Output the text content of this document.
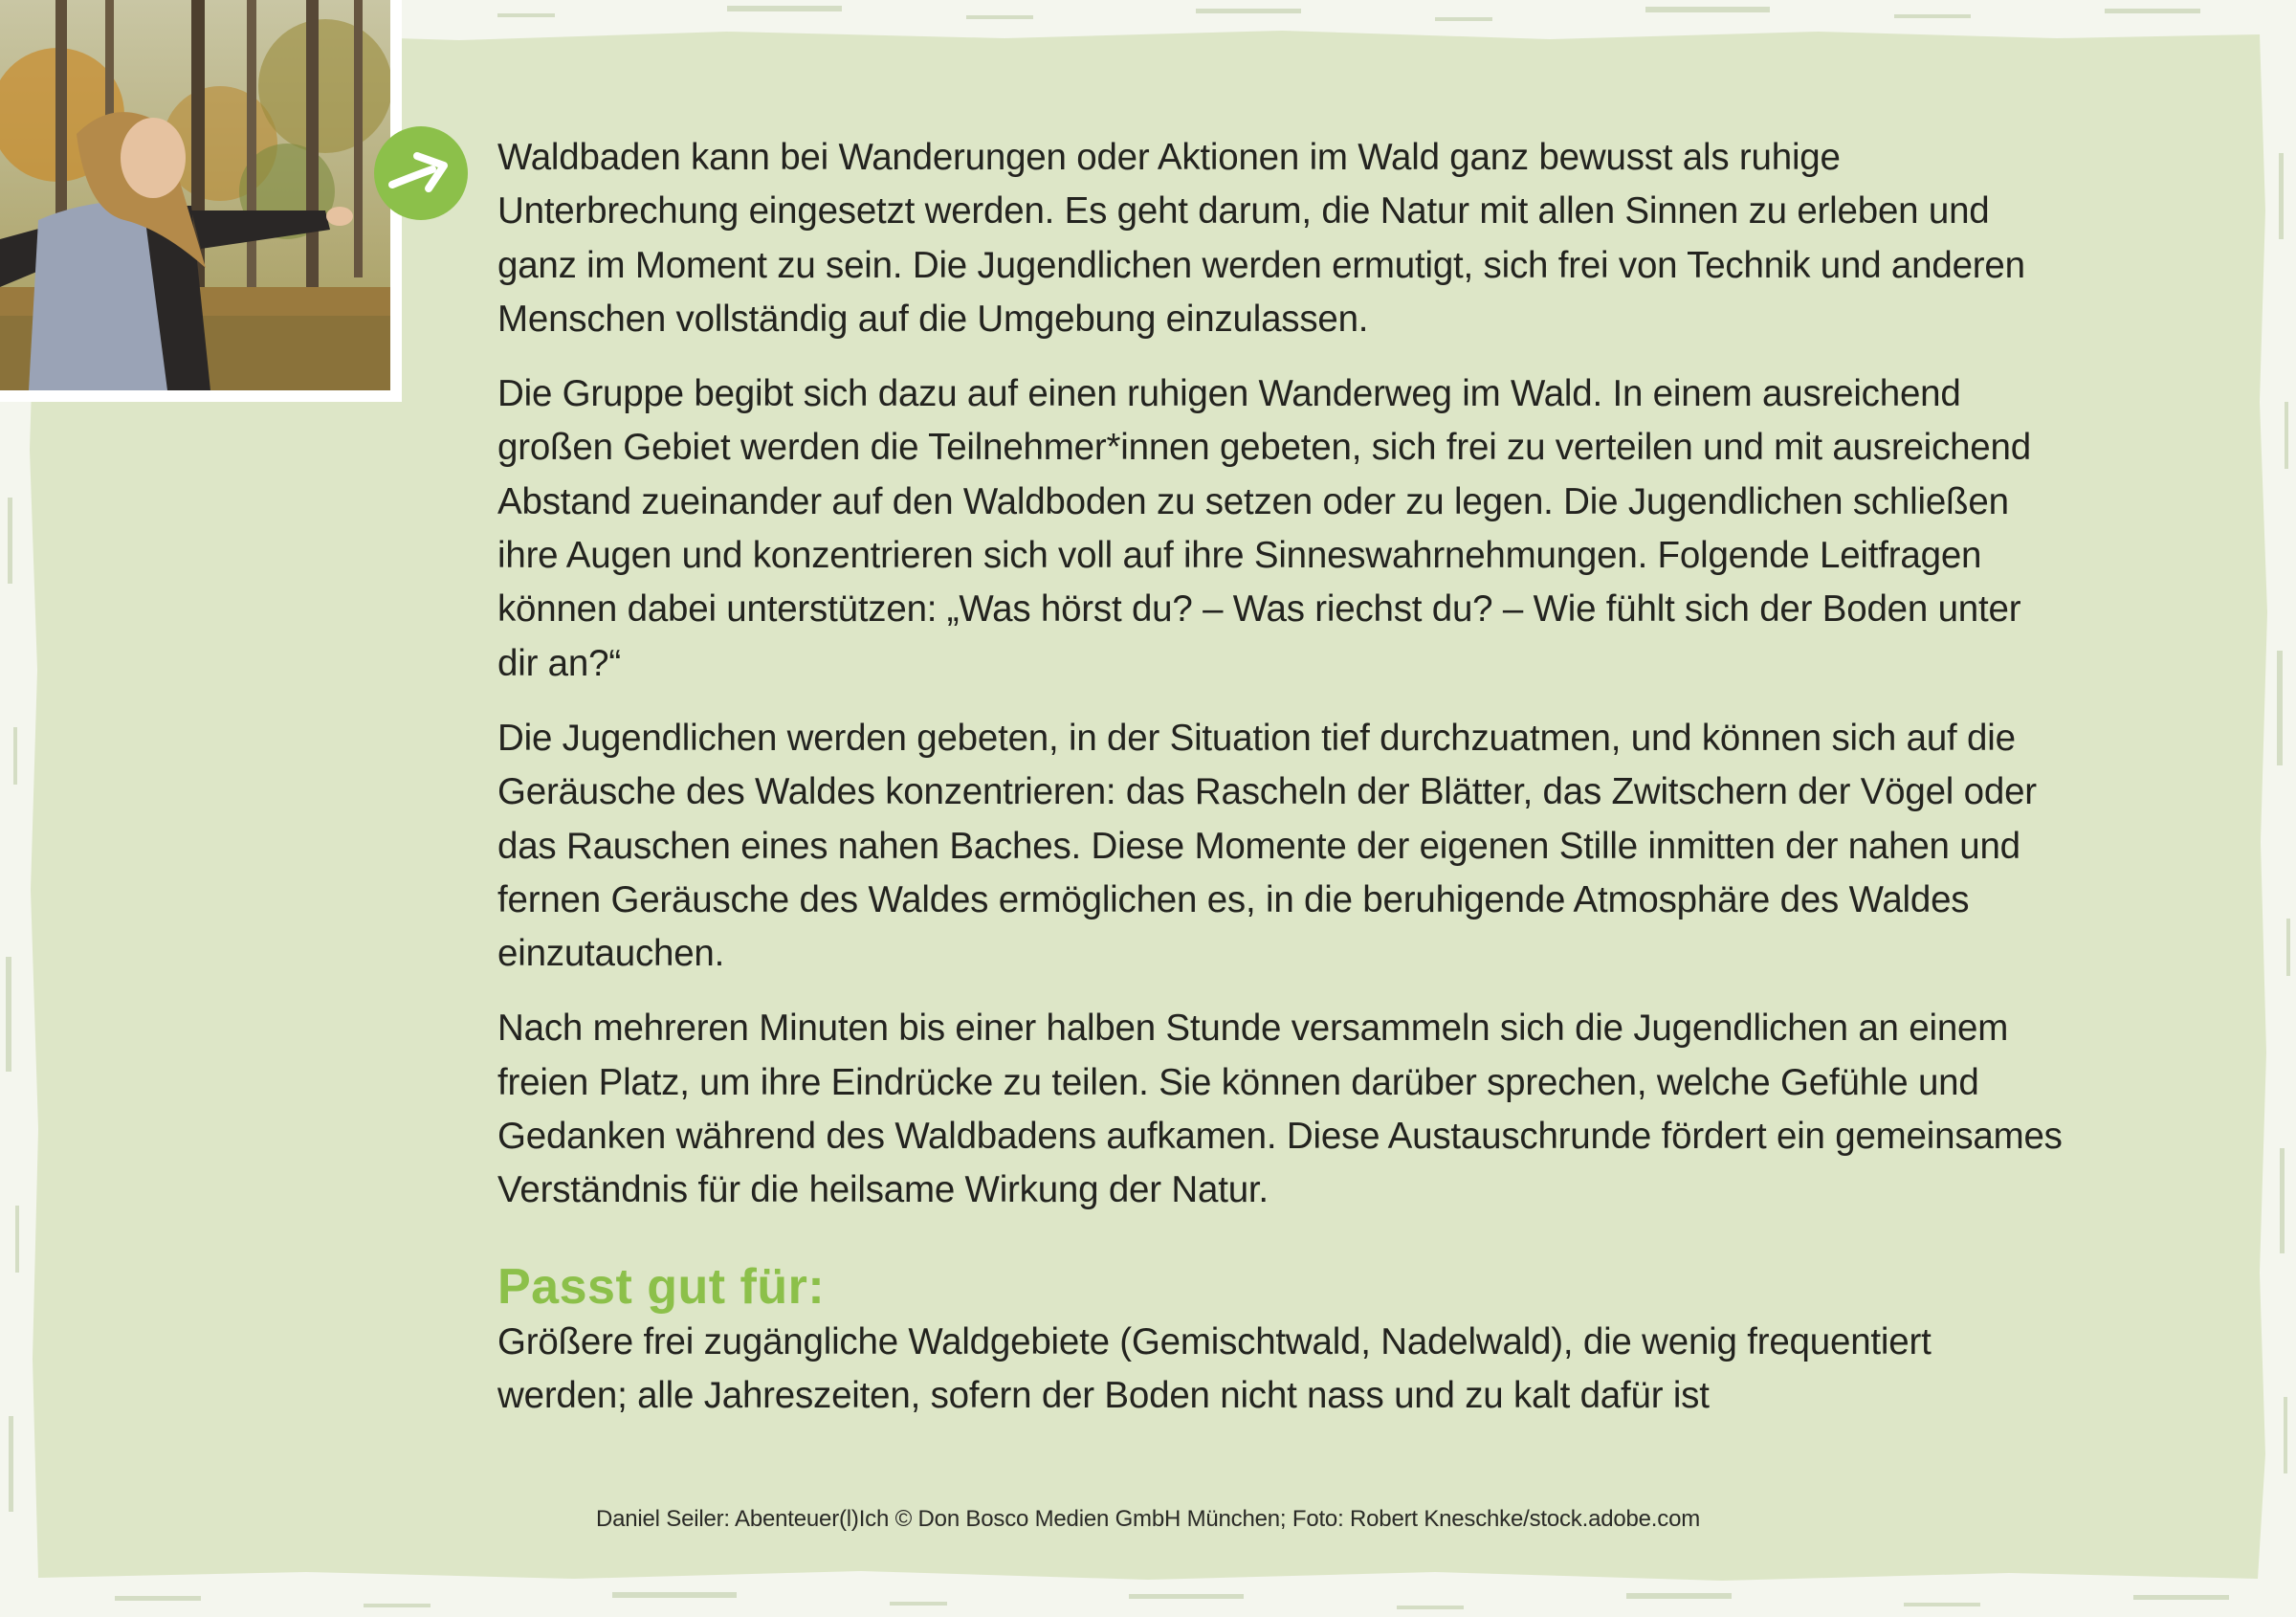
Waldbaden kann bei Wanderungen oder Aktionen im Wald ganz bewusst als ruhige Unterbrechung eingesetzt werden. Es geht darum, die Natur mit allen Sinnen zu erleben und ganz im Moment zu sein. Die Jugendlichen werden ermutigt, sich frei von Technik und anderen Menschen vollständig auf die Umgebung einzulassen.

Die Gruppe begibt sich dazu auf einen ruhigen Wanderweg im Wald. In einem ausreichend großen Gebiet werden die Teilnehmer*innen gebeten, sich frei zu verteilen und mit ausreichend Abstand zueinander auf den Waldboden zu setzen oder zu legen. Die Jugendlichen schließen ihre Augen und konzentrieren sich voll auf ihre Sinneswahrnehmungen. Folgende Leitfragen können dabei unterstützen: „Was hörst du? – Was riechst du? – Wie fühlt sich der Boden unter dir an?“

Die Jugendlichen werden gebeten, in der Situation tief durchzuatmen, und können sich auf die Geräusche des Waldes konzentrieren: das Rascheln der Blätter, das Zwitschern der Vögel oder das Rauschen eines nahen Baches. Diese Momente der eigenen Stille inmitten der nahen und fernen Geräusche des Waldes ermöglichen es, in die beruhigende Atmosphäre des Waldes einzutauchen.

Nach mehreren Minuten bis einer halben Stunde versammeln sich die Jugendlichen an einem freien Platz, um ihre Eindrücke zu teilen. Sie können darüber sprechen, welche Gefühle und Gedanken während des Waldbadens aufkamen. Diese Austauschrunde fördert ein gemeinsames Verständnis für die heilsame Wirkung der Natur.

Passt gut für:

Größere frei zugängliche Waldgebiete (Gemischtwald, Nadelwald), die wenig frequentiert werden; alle Jahreszeiten, sofern der Boden nicht nass und zu kalt dafür ist

Daniel Seiler: Abenteuer(l)Ich © Don Bosco Medien GmbH München; Foto: Robert Kneschke/stock.adobe.com
